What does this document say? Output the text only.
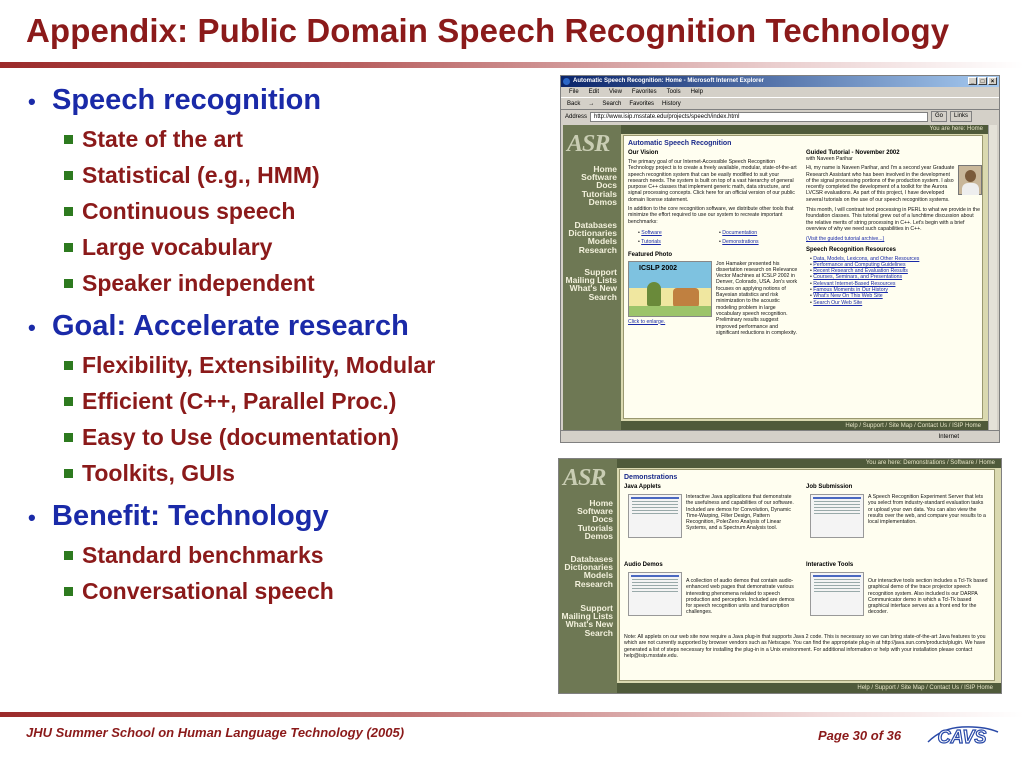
Appendix: Public Domain Speech Recognition Technology
• Speech recognition
State of the art
Statistical (e.g., HMM)
Continuous speech
Large vocabulary
Speaker independent
• Goal: Accelerate research
Flexibility, Extensibility, Modular
Efficient (C++, Parallel Proc.)
Easy to Use (documentation)
Toolkits, GUIs
• Benefit: Technology
Standard benchmarks
Conversational speech
Automatic Speech Recognition: Home - Microsoft Internet Explorer	_	□	×
File Edit View Favorites Tools Help
Back → Search Favorites History
Address	http://www.isip.msstate.edu/projects/speech/index.html	Go	Links
ASR
Home
Software
Docs
Tutorials
Demos
Databases
Dictionaries
Models
Research
Support
Mailing Lists
What's New
Search
You are here: Home
Automatic Speech Recognition
Our Vision
The primary goal of our Internet-Accessible Speech Recognition Technology project is to create a freely available, modular, state-of-the-art speech recognition system that can be easily modified to suit your research needs. The system is built on top of a vast hierarchy of general purpose C++ classes that implement generic math, data structure, and signal processing concepts. Click here for an official version of our public domain license statement.
In addition to the core recognition software, we distribute other tools that minimize the effort required to use our system to recreate important benchmarks:
• Software	• Documentation
• Tutorials	• Demonstrations
Featured Photo
ICSLP 2002
Click to enlarge.
Jon Hamaker presented his dissertation research on Relevance Vector Machines at ICSLP 2002 in Denver, Colorado, USA. Jon's work focuses on applying notions of Bayesian statistics and risk minimization to the acoustic modeling problem in large vocabulary speech recognition. Preliminary results suggest improved performance and significant reductions in complexity.
Guided Tutorial - November 2002
with Naveen Parihar
Hi, my name is Naveen Parihar, and I'm a second year Graduate Research Assistant who has been involved in the development of the signal processing portions of the production system. I also recently completed the development of a toolkit for the Aurora LVCSR evaluations. As part of this project, I have developed several tutorials on the use of our speech recognition systems.
This month, I will contrast text processing in PERL to what we provide in the foundation classes. This tutorial grew out of a lunchtime discussion about the relative merits of string processing in C++. Let's begin with a brief overview of why we need such capabilities in C++.
(Visit the guided tutorial archive...)
Speech Recognition Resources
• Data, Models, Lexicons, and Other Resources
• Performance and Computing Guidelines
• Recent Research and Evaluation Results
• Courses, Seminars, and Presentations
• Relevant Internet-Based Resources
• Famous Moments in Our History
• What's New On This Web Site
• Search Our Web Site
Help / Support / Site Map / Contact Us / ISIP Home
Internet
ASR
Home
Software
Docs
Tutorials
Demos
Databases
Dictionaries
Models
Research
Support
Mailing Lists
What's New
Search
You are here: Demonstrations / Software / Home
Demonstrations
Java Applets
Interactive Java applications that demonstrate the usefulness and capabilities of our software. Included are demos for Convolution, Dynamic Time-Warping, Filter Design, Pattern Recognition, PolerZero Analysis of Linear Systems, and a Spectrum Analysis tool.
Job Submission
A Speech Recognition Experiment Server that lets you select from industry-standard evaluation tasks or upload your own data. You can also view the results over the web, and compare your results to a local implementation.
Audio Demos
A collection of audio demos that contain audio-enhanced web pages that demonstrate various interesting phenomena related to speech production and perception. Included are demos for speech recognition units and transcription challenges.
Interactive Tools
Our interactive tools section includes a Tcl-Tk based graphical demo of the trace projector speech recognition system. Also included is our DARPA Communicator demo in which a Tcl-Tk based graphical interface serves as a front end for the decoder.
Note: All applets on our web site now require a Java plug-in that supports Java 2 code. This is necessary so we can bring state-of-the-art Java features to you which are not currently supported by browser vendors such as Netscape. You can find the appropriate plug-in at http://java.sun.com/products/plugin. We have generated a list of steps necessary for installing the plug-in in a Unix environment. For additional information or help with your installation please contact help@isip.msstate.edu.
Help / Support / Site Map / Contact Us / ISIP Home
JHU Summer School on Human Language Technology (2005)	Page 30 of 36 CAVS
